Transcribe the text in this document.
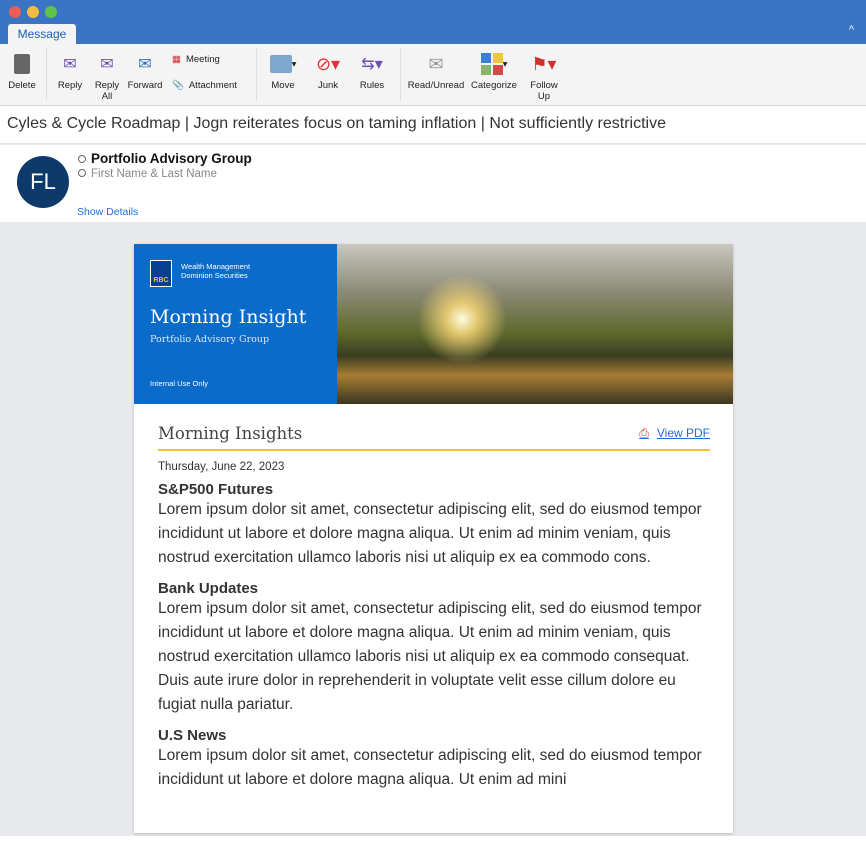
Message	^
Delete
✉
Reply
✉
Reply
All
✉
Forward
▦ Meeting
📎 Attachment
▾
Move
⊘▾
Junk
⇆▾
Rules
✉
Read/Unread
▾
Categorize
⚑▾
Follow
Up
Cyles & Cycle Roadmap | Jogn reiterates focus on taming inflation | Not sufficiently restrictive
FL
Portfolio Advisory Group
First Name & Last Name
Show Details
RBC
Wealth Management
Dominion Securities
Morning Insight
Portfolio Advisory Group
Internal Use Only
Morning Insights	⎙ View PDF
Thursday, June 22, 2023
S&P500 Futures
Lorem ipsum dolor sit amet, consectetur adipiscing elit, sed do eiusmod tempor incididunt ut labore et dolore magna aliqua. Ut enim ad minim veniam, quis nostrud exercitation ullamco laboris nisi ut aliquip ex ea commodo cons.
Bank Updates
Lorem ipsum dolor sit amet, consectetur adipiscing elit, sed do eiusmod tempor incididunt ut labore et dolore magna aliqua. Ut enim ad minim veniam, quis nostrud exercitation ullamco laboris nisi ut aliquip ex ea commodo consequat. Duis aute irure dolor in reprehenderit in voluptate velit esse cillum dolore eu fugiat nulla pariatur.
U.S News
Lorem ipsum dolor sit amet, consectetur adipiscing elit, sed do eiusmod tempor incididunt ut labore et dolore magna aliqua. Ut enim ad mini
